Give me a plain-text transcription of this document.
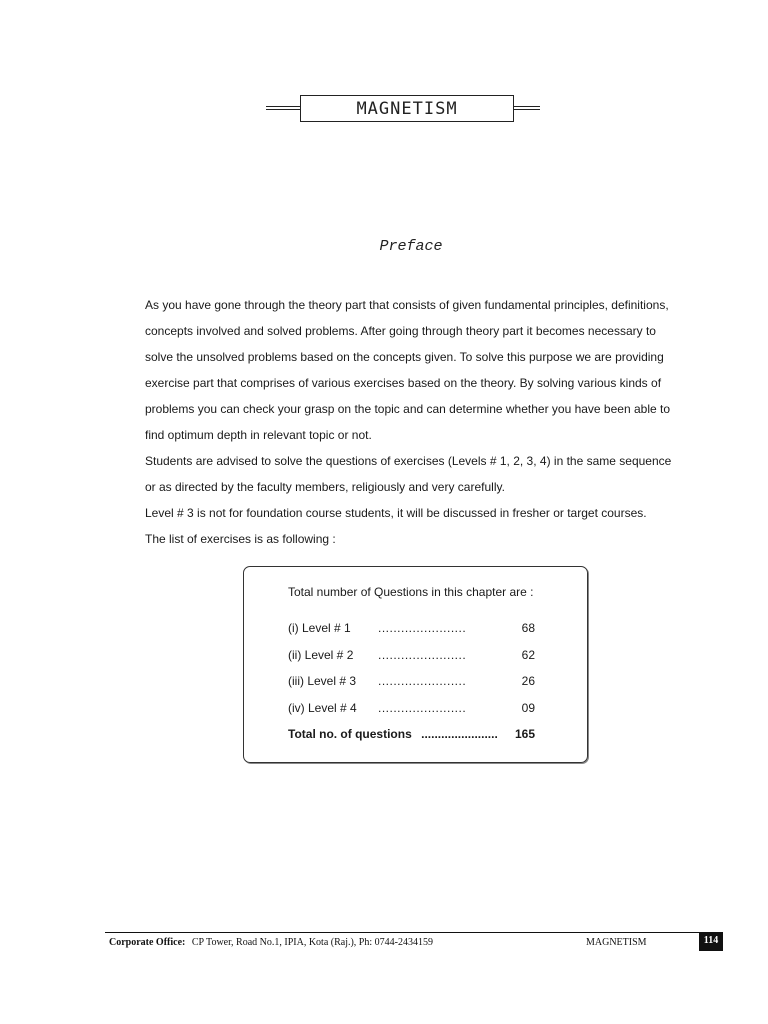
MAGNETISM
Preface

As you have gone through the theory part that consists of given fundamental principles, definitions, concepts involved and solved problems. After going through theory part it becomes necessary to solve the unsolved problems based on the concepts given. To solve this purpose we are providing exercise part that comprises of various exercises based on the theory. By solving various kinds of problems you can check your grasp on the topic and can determine whether you have been able to find optimum depth in relevant topic or not.

Students are advised to solve the questions of exercises (Levels # 1, 2, 3, 4) in the same sequence or as directed by the faculty members, religiously and very carefully.

Level # 3 is not for foundation course students, it will be discussed in fresher or target courses.

The list of exercises is as following :

Total number of Questions in this chapter are :
(i) Level # 1 .......................	68
(ii) Level # 2 .......................	62
(iii) Level # 3 .......................	26
(iv) Level # 4 .......................	09
Total no. of questions ....................... 165
Corporate Office: CP Tower, Road No.1, IPIA, Kota (Raj.), Ph: 0744-2434159	MAGNETISM	114
